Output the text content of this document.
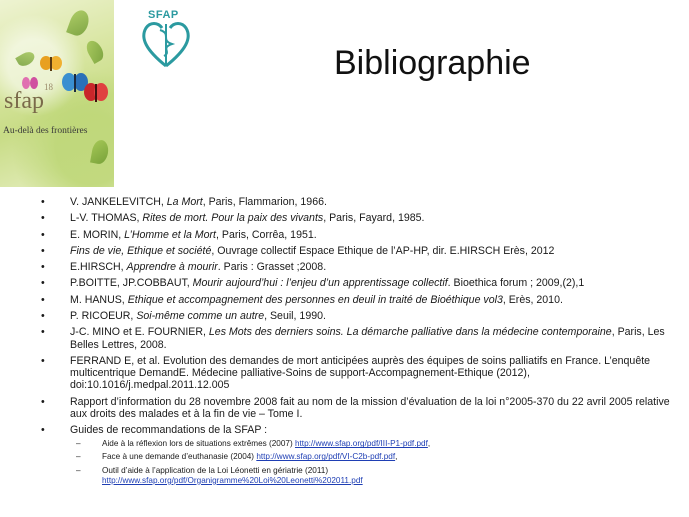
18
sfap
Au-delà des frontières
SFAP
Bibliographie
• V. JANKELEVITCH, La Mort, Paris, Flammarion, 1966.
• L-V. THOMAS, Rites de mort. Pour la paix des vivants, Paris, Fayard, 1985.
• E. MORIN, L’Homme et la Mort, Paris, Corrêa, 1951.
• Fins de vie, Ethique et société, Ouvrage collectif Espace Ethique de l’AP-HP, dir. E.HIRSCH Erès, 2012
• E.HIRSCH, Apprendre à mourir. Paris : Grasset ;2008.
• P.BOITTE, JP.COBBAUT, Mourir aujourd’hui : l’enjeu d’un apprentissage collectif. Bioethica forum ; 2009,(2),1
• M. HANUS, Ethique et accompagnement des personnes en deuil in traité de Bioéthique vol3, Erès, 2010.
• P. RICOEUR, Soi-même comme un autre, Seuil, 1990.
• J-C. MINO et E. FOURNIER, Les Mots des derniers soins. La démarche palliative dans la médecine contemporaine, Paris, Les Belles Lettres, 2008.
• FERRAND E, et al. Evolution des demandes de mort anticipées auprès des équipes de soins palliatifs en France. L’enquête multicentrique DemandE. Médecine palliative-Soins de support-Accompagnement-Ethique (2012), doi:10.1016/j.medpal.2011.12.005
• Rapport d’information du 28 novembre 2008 fait au nom de la mission d’évaluation de la loi n°2005-370 du 22 avril 2005 relative aux droits des malades et à la fin de vie – Tome I.
• Guides de recommandations de la SFAP :
– Aide à la réflexion lors de situations extrêmes (2007) http://www.sfap.org/pdf/III-P1-pdf.pdf,
– Face à une demande d’euthanasie (2004) http://www.sfap.org/pdf/VI-C2b-pdf.pdf,
– Outil d’aide à l’application de la Loi Léonetti en gériatrie (2011)
http://www.sfap.org/pdf/Organigramme%20Loi%20Leonetti%202011.pdf
